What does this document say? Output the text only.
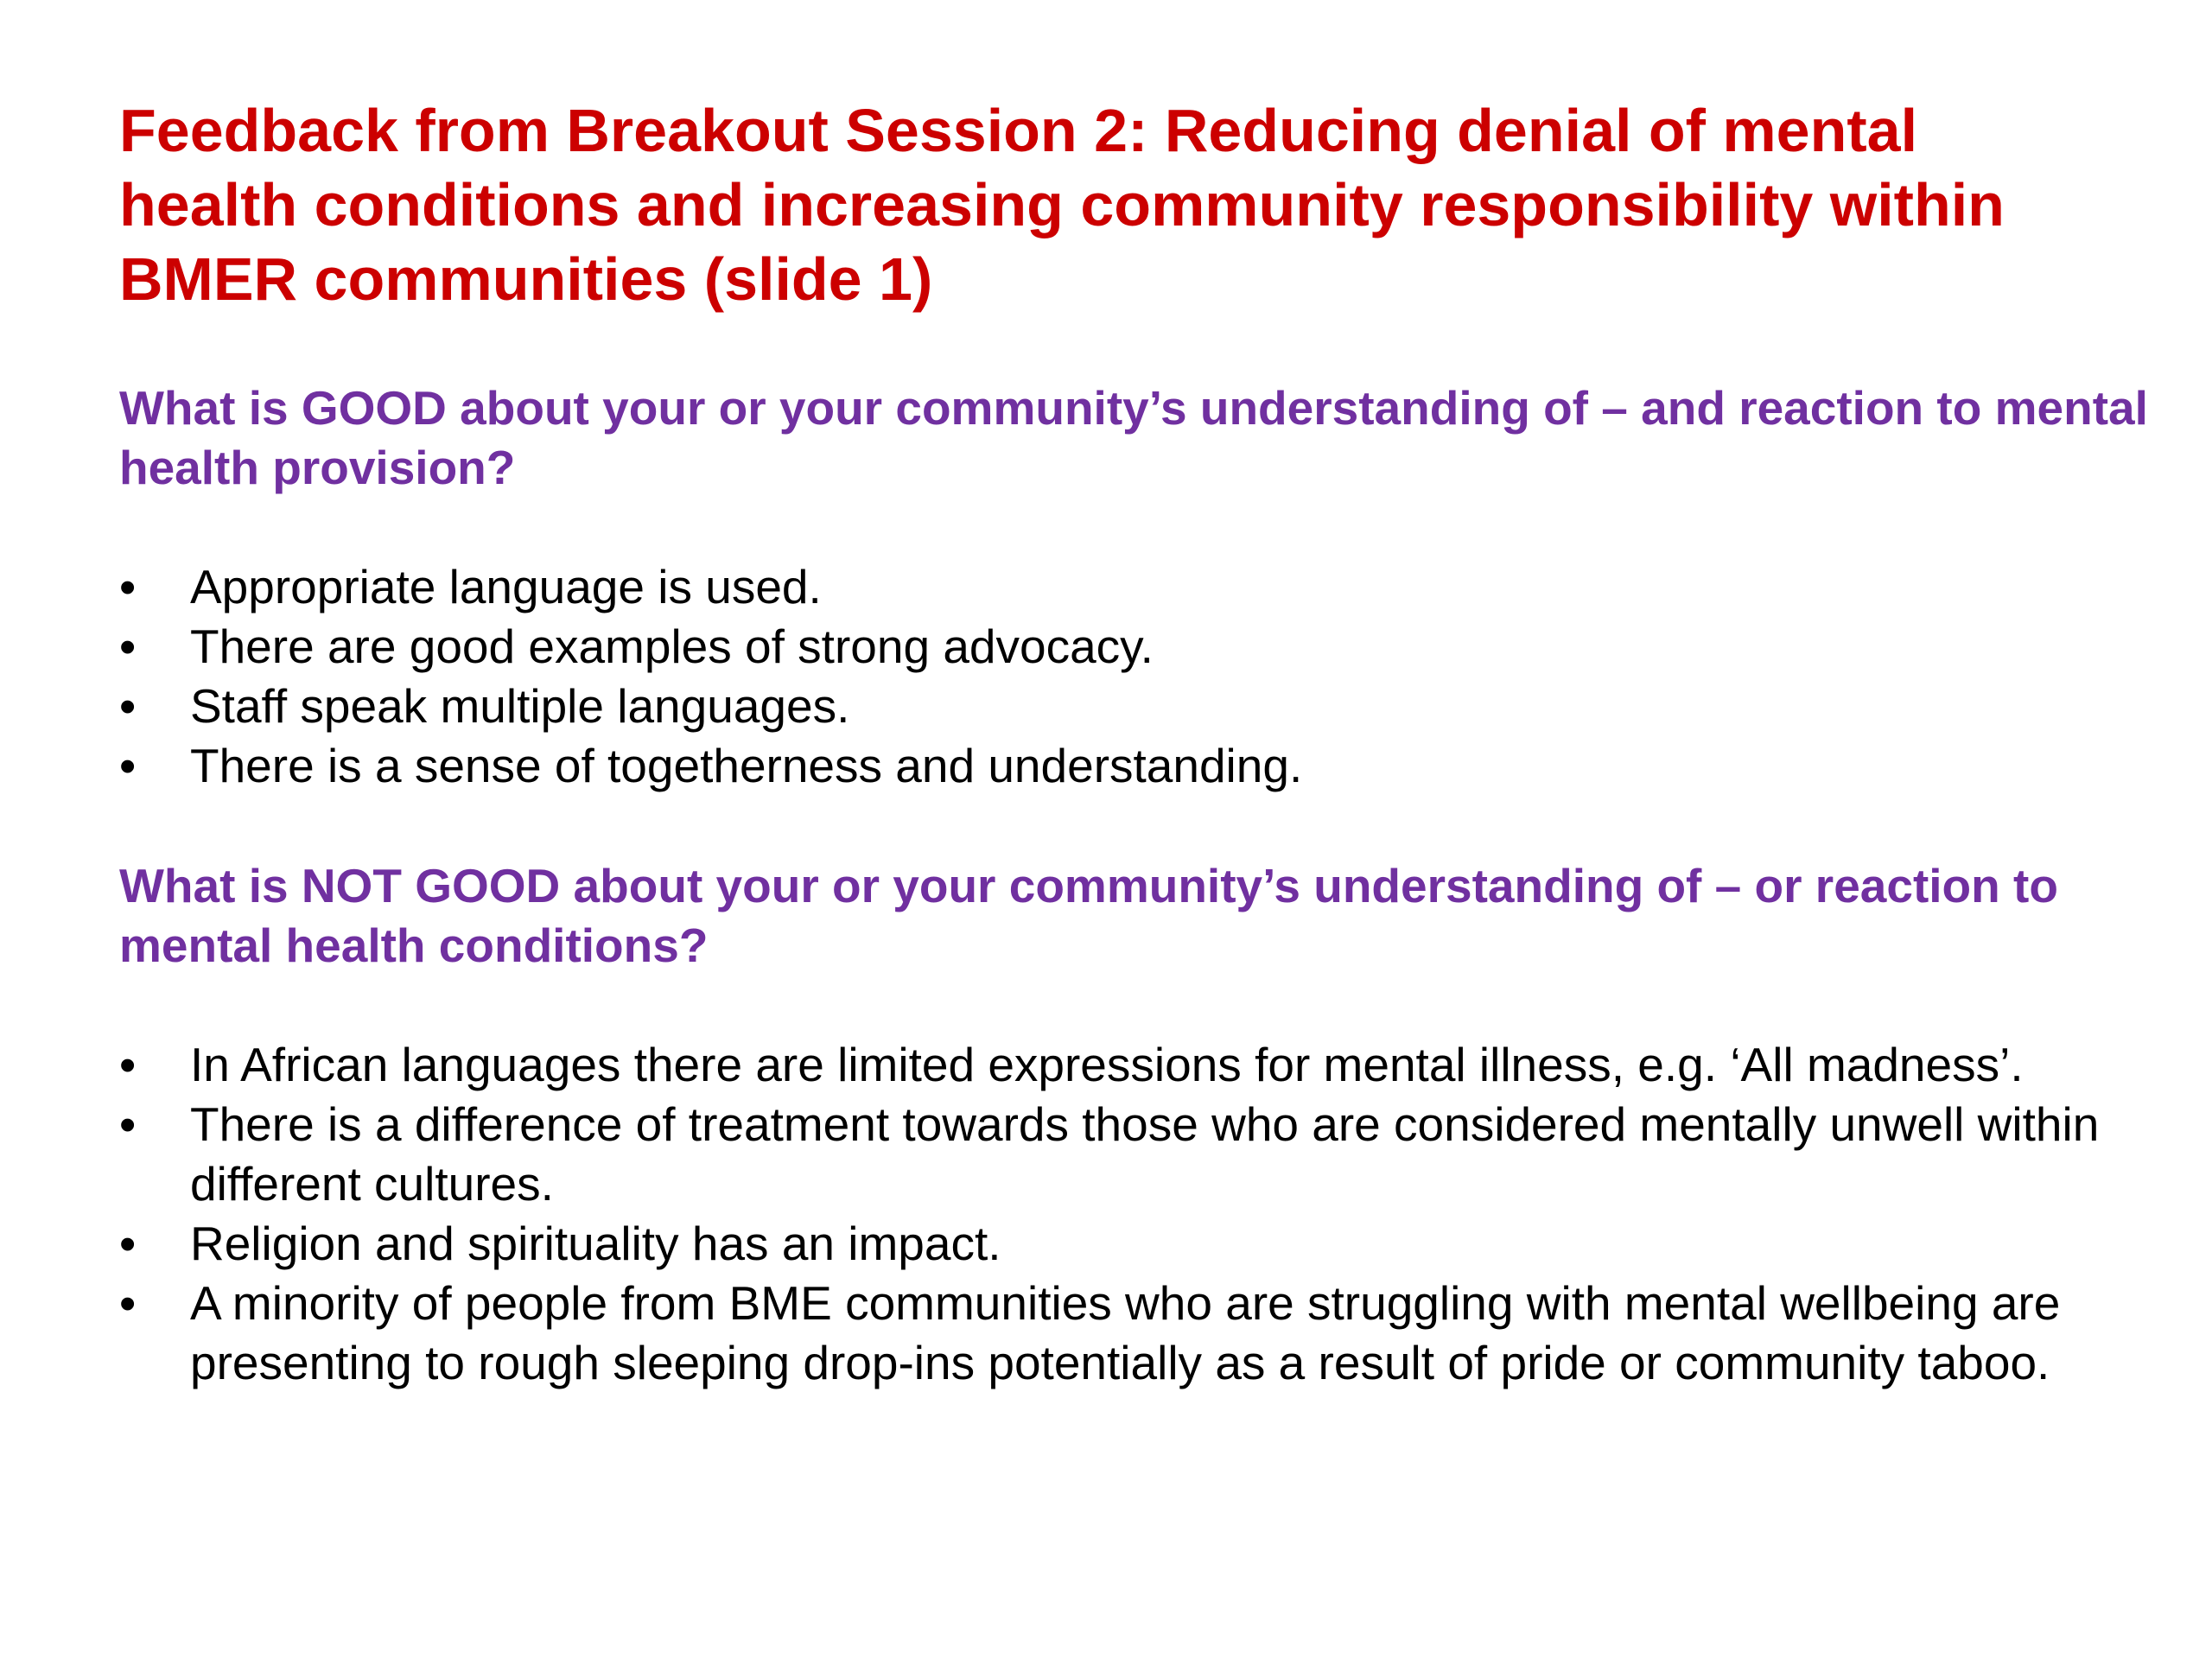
Feedback from Breakout Session 2: Reducing denial of mental health conditions and increasing community responsibility within BMER communities (slide 1)
What is GOOD about your or your community’s understanding of – and reaction to mental health provision?
• Appropriate language is used.
• There are good examples of strong advocacy.
• Staff speak multiple languages.
• There is a sense of togetherness and understanding.
What is NOT GOOD about your or your community’s understanding of – or reaction to mental health conditions?
• In African languages there are limited expressions for mental illness, e.g. ‘All madness’.
• There is a difference of treatment towards those who are considered mentally unwell within different cultures.
• Religion and spirituality has an impact.
• A minority of people from BME communities who are struggling with mental wellbeing are presenting to rough sleeping drop-ins potentially as a result of pride or community taboo.
